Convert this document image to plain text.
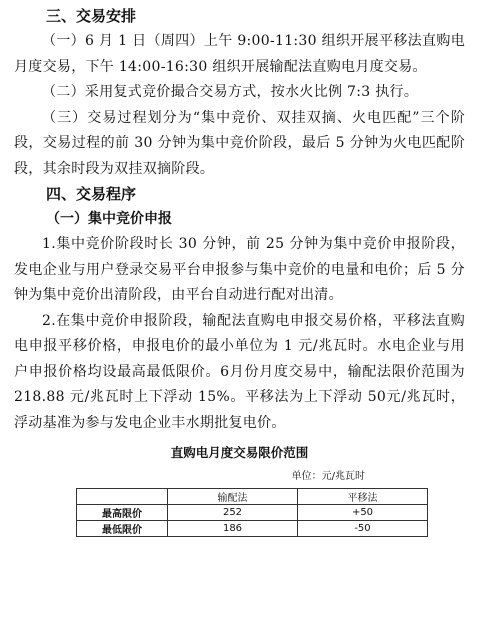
三、交易安排

（一）6 月 1 日（周四）上午 9:00-11:30 组织开展平移法直购电月度交易，下午 14:00-16:30 组织开展输配法直购电月度交易。

（二）采用复式竞价撮合交易方式，按水火比例 7:3 执行。

（三）交易过程划分为“集中竞价、双挂双摘、火电匹配”三个阶段，交易过程的前 30 分钟为集中竞价阶段，最后 5 分钟为火电匹配阶段，其余时段为双挂双摘阶段。

四、交易程序

（一）集中竞价申报

1.集中竞价阶段时长 30 分钟，前 25 分钟为集中竞价申报阶段，发电企业与用户登录交易平台申报参与集中竞价的电量和电价；后 5 分钟为集中竞价出清阶段，由平台自动进行配对出清。

2.在集中竞价申报阶段，输配法直购电申报交易价格，平移法直购电申报平移价格，申报电价的最小单位为 1 元/兆瓦时。水电企业与用户申报价格均设最高最低限价。6月份月度交易中，输配法限价范围为 218.88 元/兆瓦时上下浮动 15%。平移法为上下浮动 50元/兆瓦时，浮动基准为参与发电企业丰水期批复电价。

直购电月度交易限价范围

单位：元/兆瓦时

	输配法	平移法
最高限价	252	+50
最低限价	186	-50
